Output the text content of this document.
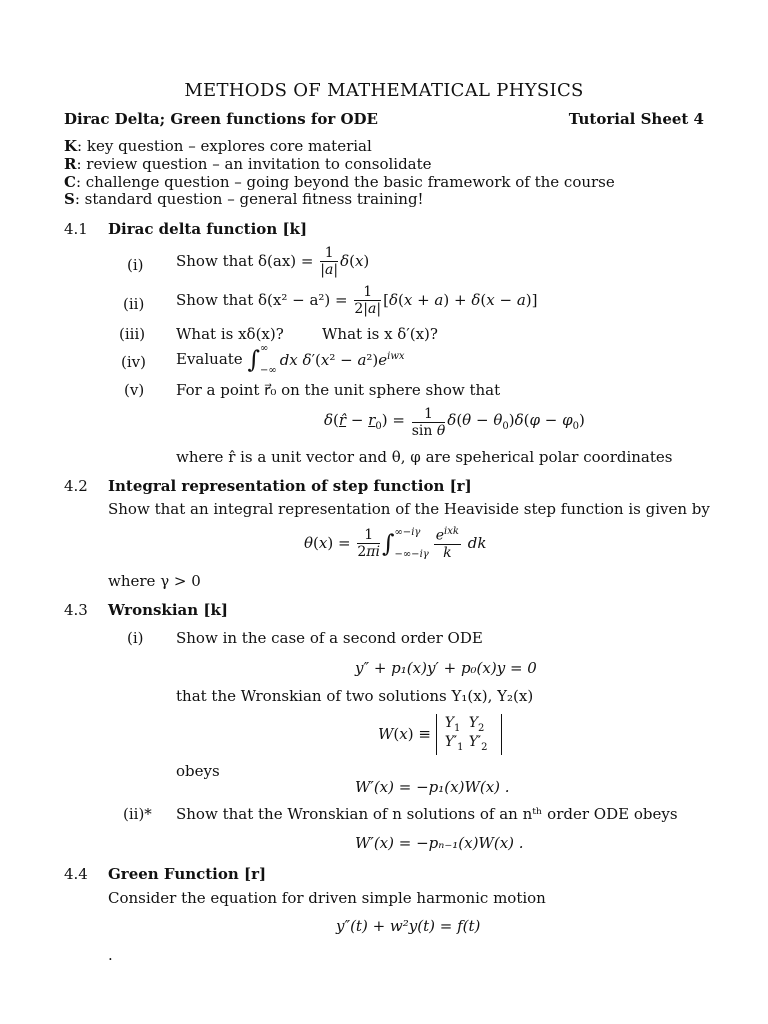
METHODS OF MATHEMATICAL PHYSICS
Dirac Delta; Green functions for ODE	Tutorial Sheet 4
K: key question – explores core material
R: review question – an invitation to consolidate
C: challenge question – going beyond the basic framework of the course
S: standard question – general fitness training!
4.1 Dirac delta function [k]
(i) Show that $\delta(ax) = \frac{1}{|a|} \delta(x)$
(ii) Show that $\delta(x^2 - a^2) = \frac{1}{2|a|} [\delta(x + a) + \delta(x - a)]$
(iii) What is xδ(x)?	What is x δ′(x)?
(iv) Evaluate ∫∞

−∞dx $\delta'(x^2 - a^2)e^{iwx}$
(v) For a point r⃗₀ on the unit sphere show that
δ(r̂ − $r_0) = \frac{1}{\text{sin θ}} \delta(\theta - \theta_0)\delta(\varphi - \varphi_0)$
where r̂ is a unit vector and θ, φ are speherical polar coordinates
4.2 Integral representation of step function [r]
Show that an integral representation of the Heaviside step function is given by
$\theta(x) = \frac{1}{2\pi i} \int\infty-i\gamma$

$-\infty-i\gamma \frac{e^{ixk}}{k}$ dk
where γ > 0
4.3 Wronskian [k]
(i) Show in the case of a second order ODE
y″ + p₁(x)y′ + p₀(x)y = 0
that the Wronskian of two solutions Y₁(x), Y₂(x)
W(x) ≡
$Y_1$ $Y_2$
$Y'_1$ $Y'_2$
obeys
W′(x) = −p₁(x)W(x) .
(ii)* Show that the Wronskian of n solutions of an nᵗʰ order ODE obeys
W′(x) = −pₙ₋₁(x)W(x) .
4.4 Green Function [r]
Consider the equation for driven simple harmonic motion
y″(t) + w²y(t) = f(t)
.
